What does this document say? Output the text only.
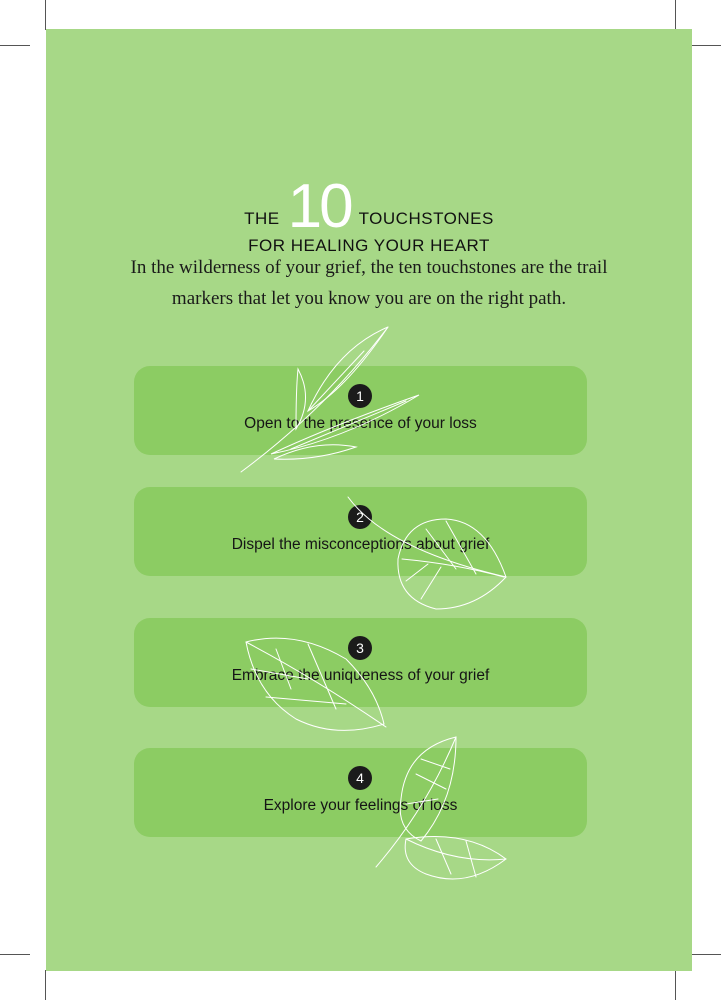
THE 10 TOUCHSTONES
FOR HEALING YOUR HEART
In the wilderness of your grief, the ten touchstones are the trail markers that let you know you are on the right path.
1
Open to the presence of your loss
2
Dispel the misconceptions about grief
3
Embrace the uniqueness of your grief
4
Explore your feelings of loss
